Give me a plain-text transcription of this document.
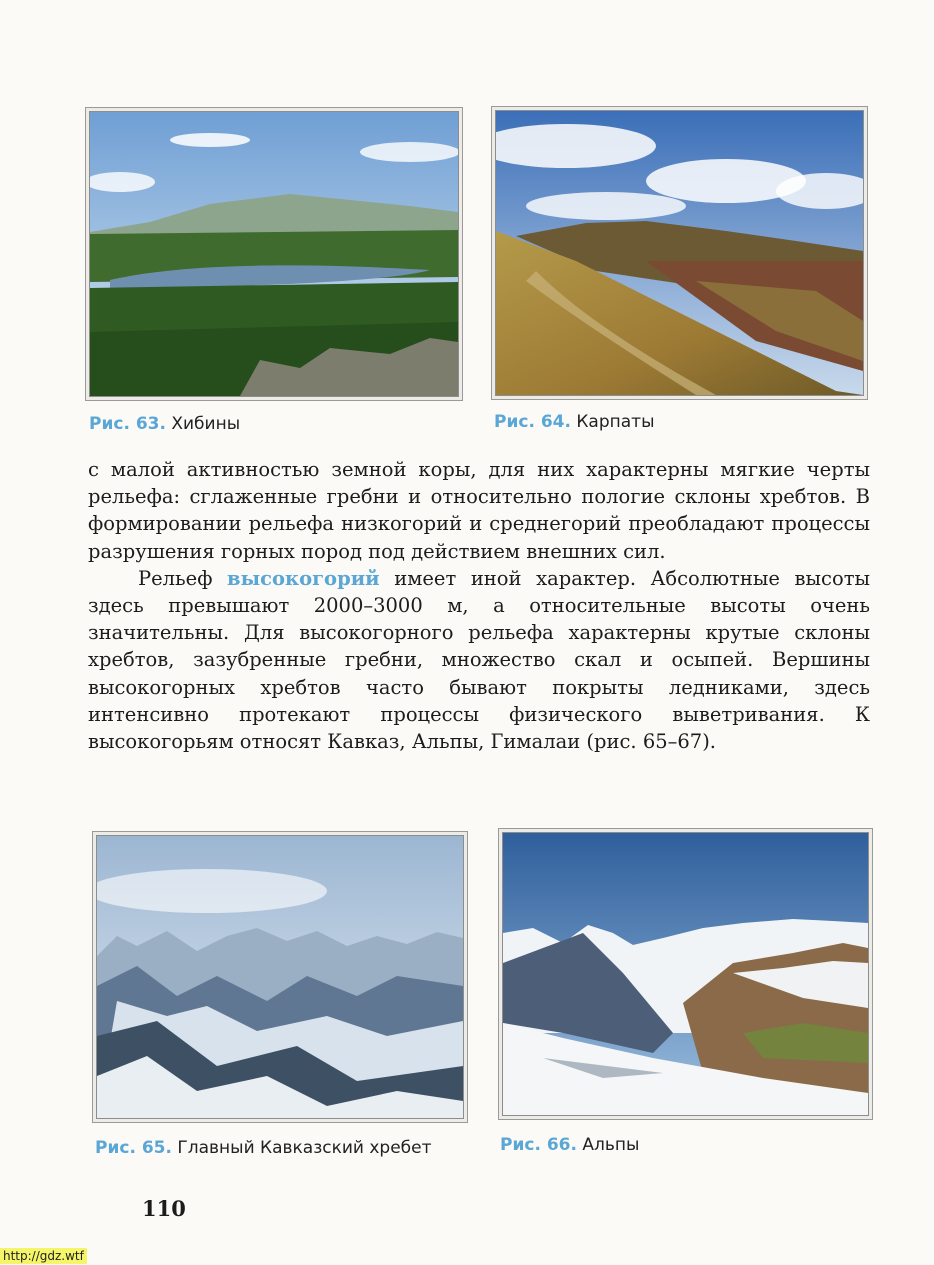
Рис. 63. Хибины	Рис. 64. Карпаты

с малой активностью земной коры, для них характерны мягкие черты рельефа: сглаженные гребни и относительно пологие склоны хребтов. В формировании рельефа низкогорий и среднегорий преобладают процессы разрушения горных пород под действием внешних сил.

Рельеф высокогорий имеет иной характер. Абсолютные высоты здесь превышают 2000–3000 м, а относительные высоты очень значительны. Для высокогорного рельефа характерны крутые склоны хребтов, зазубренные гребни, множество скал и осыпей. Вершины высокогорных хребтов часто бывают покрыты ледниками, здесь интенсивно протекают процессы физического выветривания. К высокогорьям относят Кавказ, Альпы, Гималаи (рис. 65–67).

Рис. 65. Главный Кавказский хребет	Рис. 66. Альпы
110
http://gdz.wtf
